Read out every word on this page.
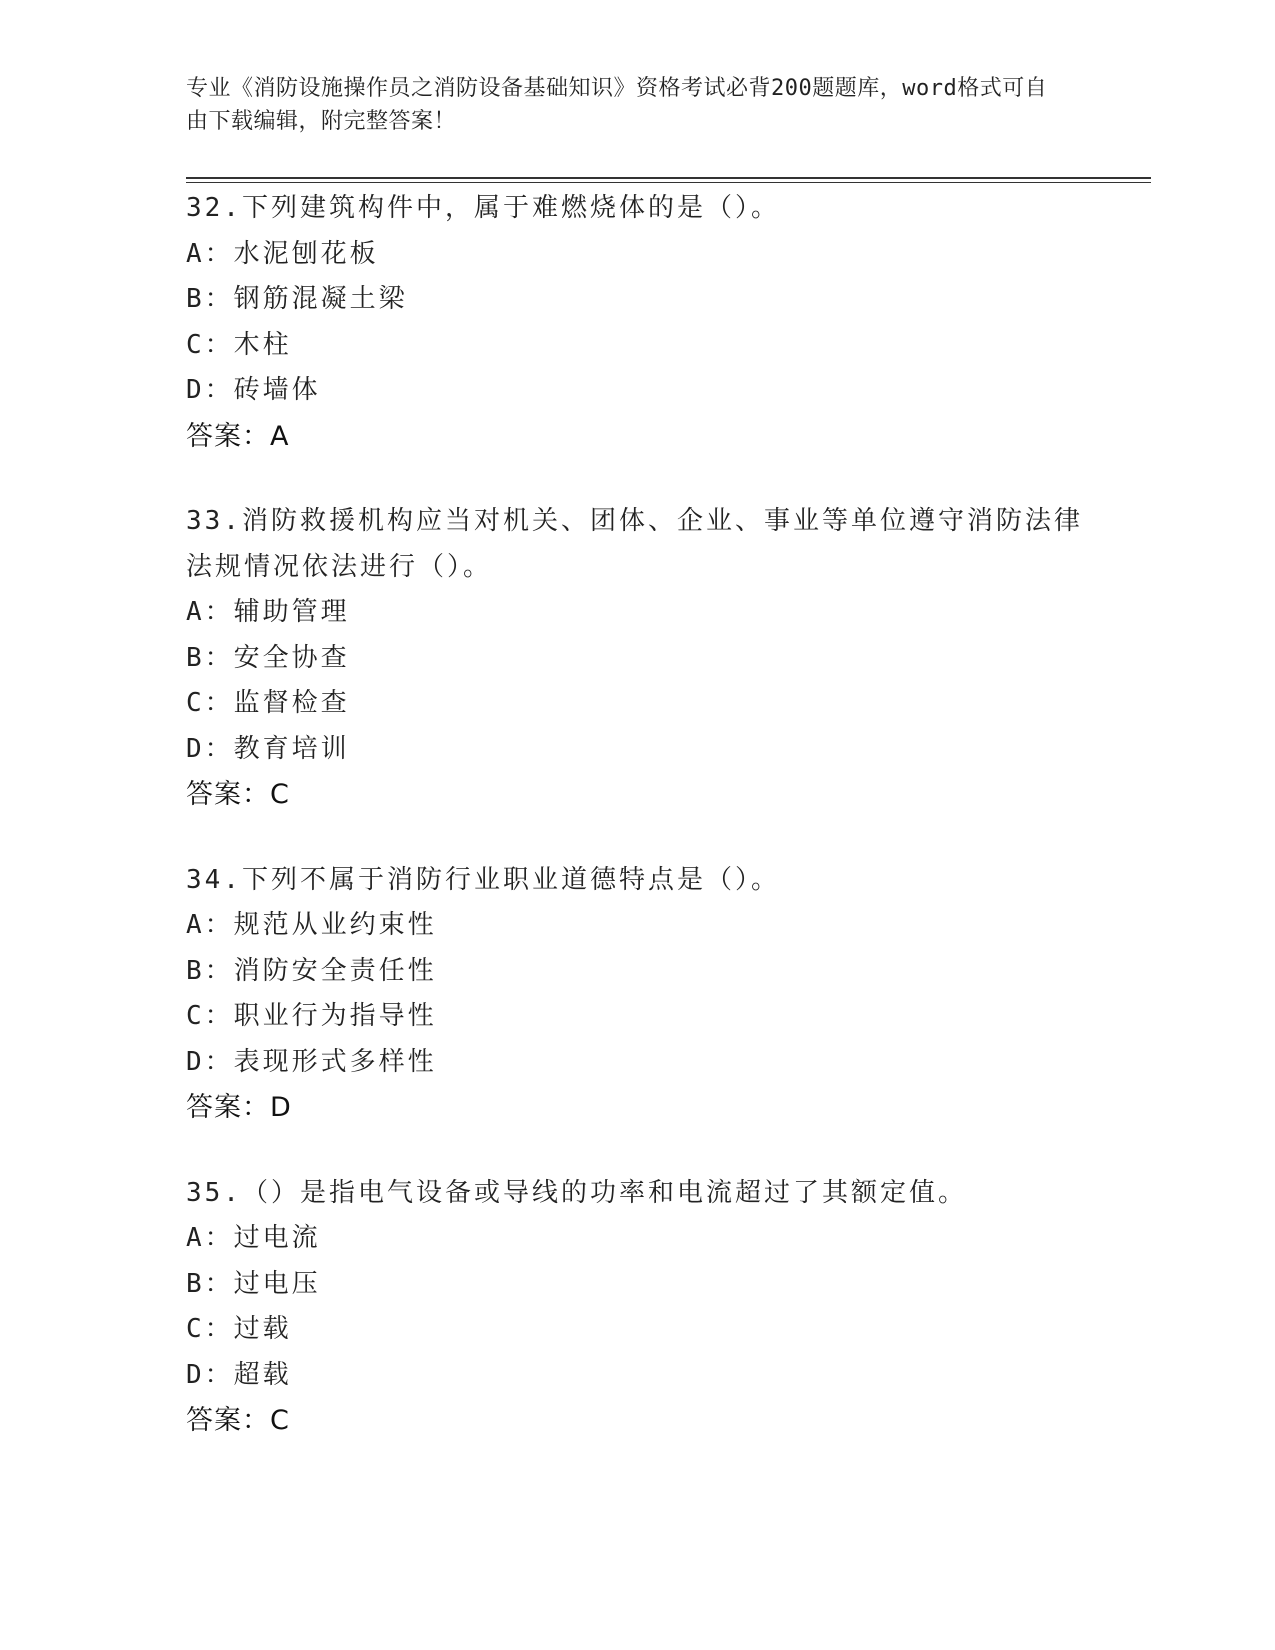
专业《消防设施操作员之消防设备基础知识》资格考试必背200题题库，word格式可自由下载编辑，附完整答案！
32.下列建筑构件中，属于难燃烧体的是（）。
A：水泥刨花板
B：钢筋混凝土梁
C：木柱
D：砖墙体
答案：A
33.消防救援机构应当对机关、团体、企业、事业等单位遵守消防法律法规情况依法进行（）。
A：辅助管理
B：安全协查
C：监督检查
D：教育培训
答案：C
34.下列不属于消防行业职业道德特点是（）。
A：规范从业约束性
B：消防安全责任性
C：职业行为指导性
D：表现形式多样性
答案：D
35.（）是指电气设备或导线的功率和电流超过了其额定值。
A：过电流
B：过电压
C：过载
D：超载
答案：C
